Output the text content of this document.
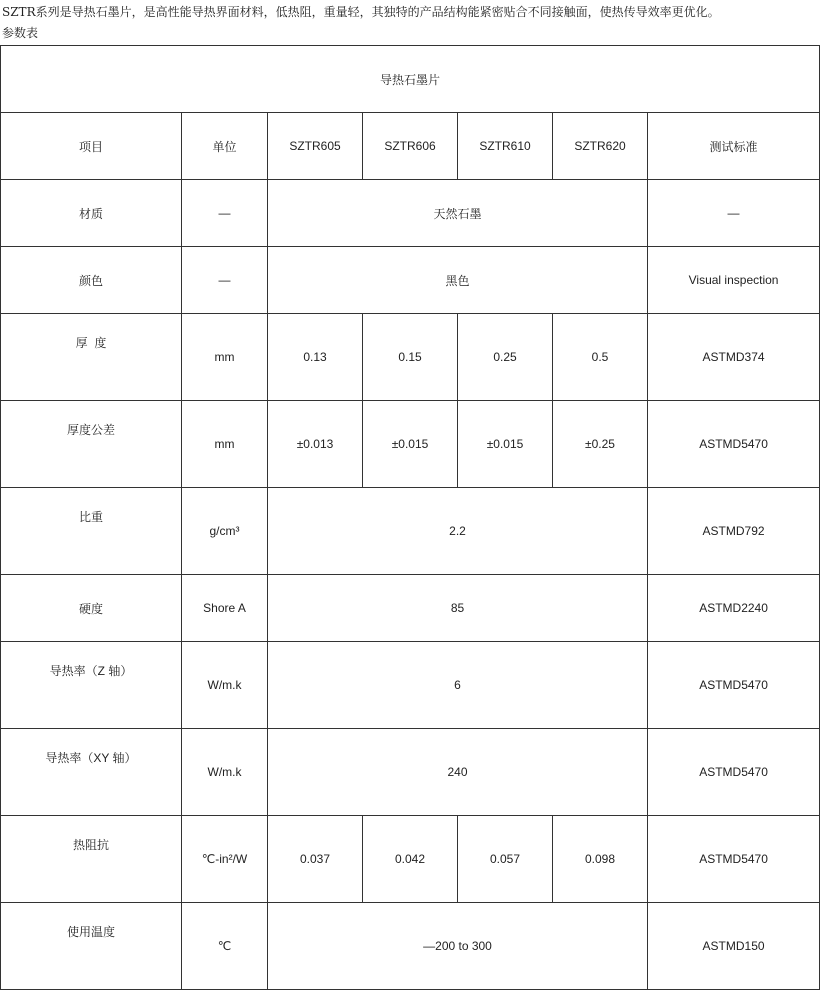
SZTR系列是导热石墨片，是高性能导热界面材料，低热阻，重量轻，其独特的产品结构能紧密贴合不同接触面，使热传导效率更优化。
参数表
导热石墨片						
项目	单位	SZTR605	SZTR606	SZTR610	SZTR620	测试标准
材质	—	天然石墨				—
颜色	—	黑色				Visual inspection
厚  度	mm	0.13	0.15	0.25	0.5	ASTMD374
厚度公差	mm	±0.013	±0.015	±0.015	±0.25	ASTMD5470
比重	g/cm³	2.2				ASTMD792
硬度	Shore A	85				ASTMD2240
导热率（Z 轴）	W/m.k	6				ASTMD5470
导热率（XY 轴）	W/m.k	240				ASTMD5470
热阻抗	℃-in²/W	0.037	0.042	0.057	0.098	ASTMD5470
使用温度	℃	—200 to 300				ASTMD150
